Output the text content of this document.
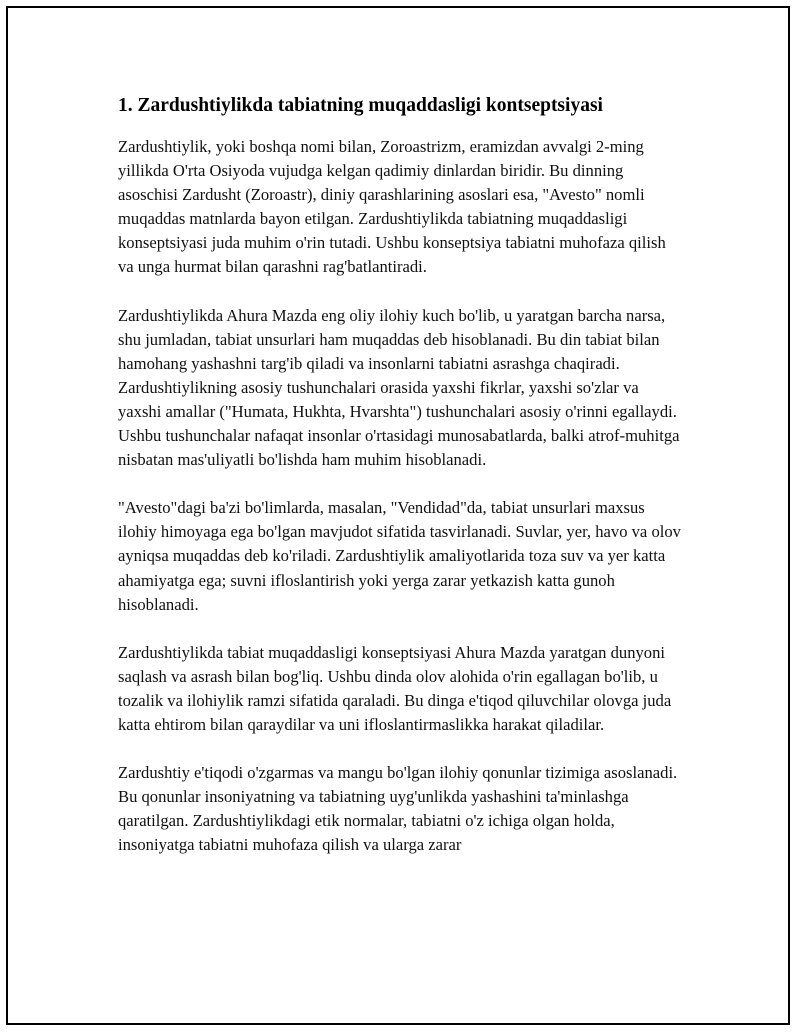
1. Zardushtiylikda tabiatning muqaddasligi kontseptsiyasi

Zardushtiylik, yoki boshqa nomi bilan, Zoroastrizm, eramizdan avvalgi 2-ming yillikda O'rta Osiyoda vujudga kelgan qadimiy dinlardan biridir. Bu dinning asoschisi Zardusht (Zoroastr), diniy qarashlarining asoslari esa, "Avesto" nomli muqaddas matnlarda bayon etilgan. Zardushtiylikda tabiatning muqaddasligi konseptsiyasi juda muhim o'rin tutadi. Ushbu konseptsiya tabiatni muhofaza qilish va unga hurmat bilan qarashni rag'batlantiradi.

Zardushtiylikda Ahura Mazda eng oliy ilohiy kuch bo'lib, u yaratgan barcha narsa, shu jumladan, tabiat unsurlari ham muqaddas deb hisoblanadi. Bu din tabiat bilan hamohang yashashni targ'ib qiladi va insonlarni tabiatni asrashga chaqiradi. Zardushtiylikning asosiy tushunchalari orasida yaxshi fikrlar, yaxshi so'zlar va yaxshi amallar ("Humata, Hukhta, Hvarshta") tushunchalari asosiy o'rinni egallaydi. Ushbu tushunchalar nafaqat insonlar o'rtasidagi munosabatlarda, balki atrof-muhitga nisbatan mas'uliyatli bo'lishda ham muhim hisoblanadi.

"Avesto"dagi ba'zi bo'limlarda, masalan, "Vendidad"da, tabiat unsurlari maxsus ilohiy himoyaga ega bo'lgan mavjudot sifatida tasvirlanadi. Suvlar, yer, havo va olov ayniqsa muqaddas deb ko'riladi. Zardushtiylik amaliyotlarida toza suv va yer katta ahamiyatga ega; suvni ifloslantirish yoki yerga zarar yetkazish katta gunoh hisoblanadi.

Zardushtiylikda tabiat muqaddasligi konseptsiyasi Ahura Mazda yaratgan dunyoni saqlash va asrash bilan bog'liq. Ushbu dinda olov alohida o'rin egallagan bo'lib, u tozalik va ilohiylik ramzi sifatida qaraladi. Bu dinga e'tiqod qiluvchilar olovga juda katta ehtirom bilan qaraydilar va uni ifloslantirmaslikka harakat qiladilar.

Zardushtiy e'tiqodi o'zgarmas va mangu bo'lgan ilohiy qonunlar tizimiga asoslanadi. Bu qonunlar insoniyatning va tabiatning uyg'unlikda yashashini ta'minlashga qaratilgan. Zardushtiylikdagi etik normalar, tabiatni o'z ichiga olgan holda, insoniyatga tabiatni muhofaza qilish va ularga zarar
